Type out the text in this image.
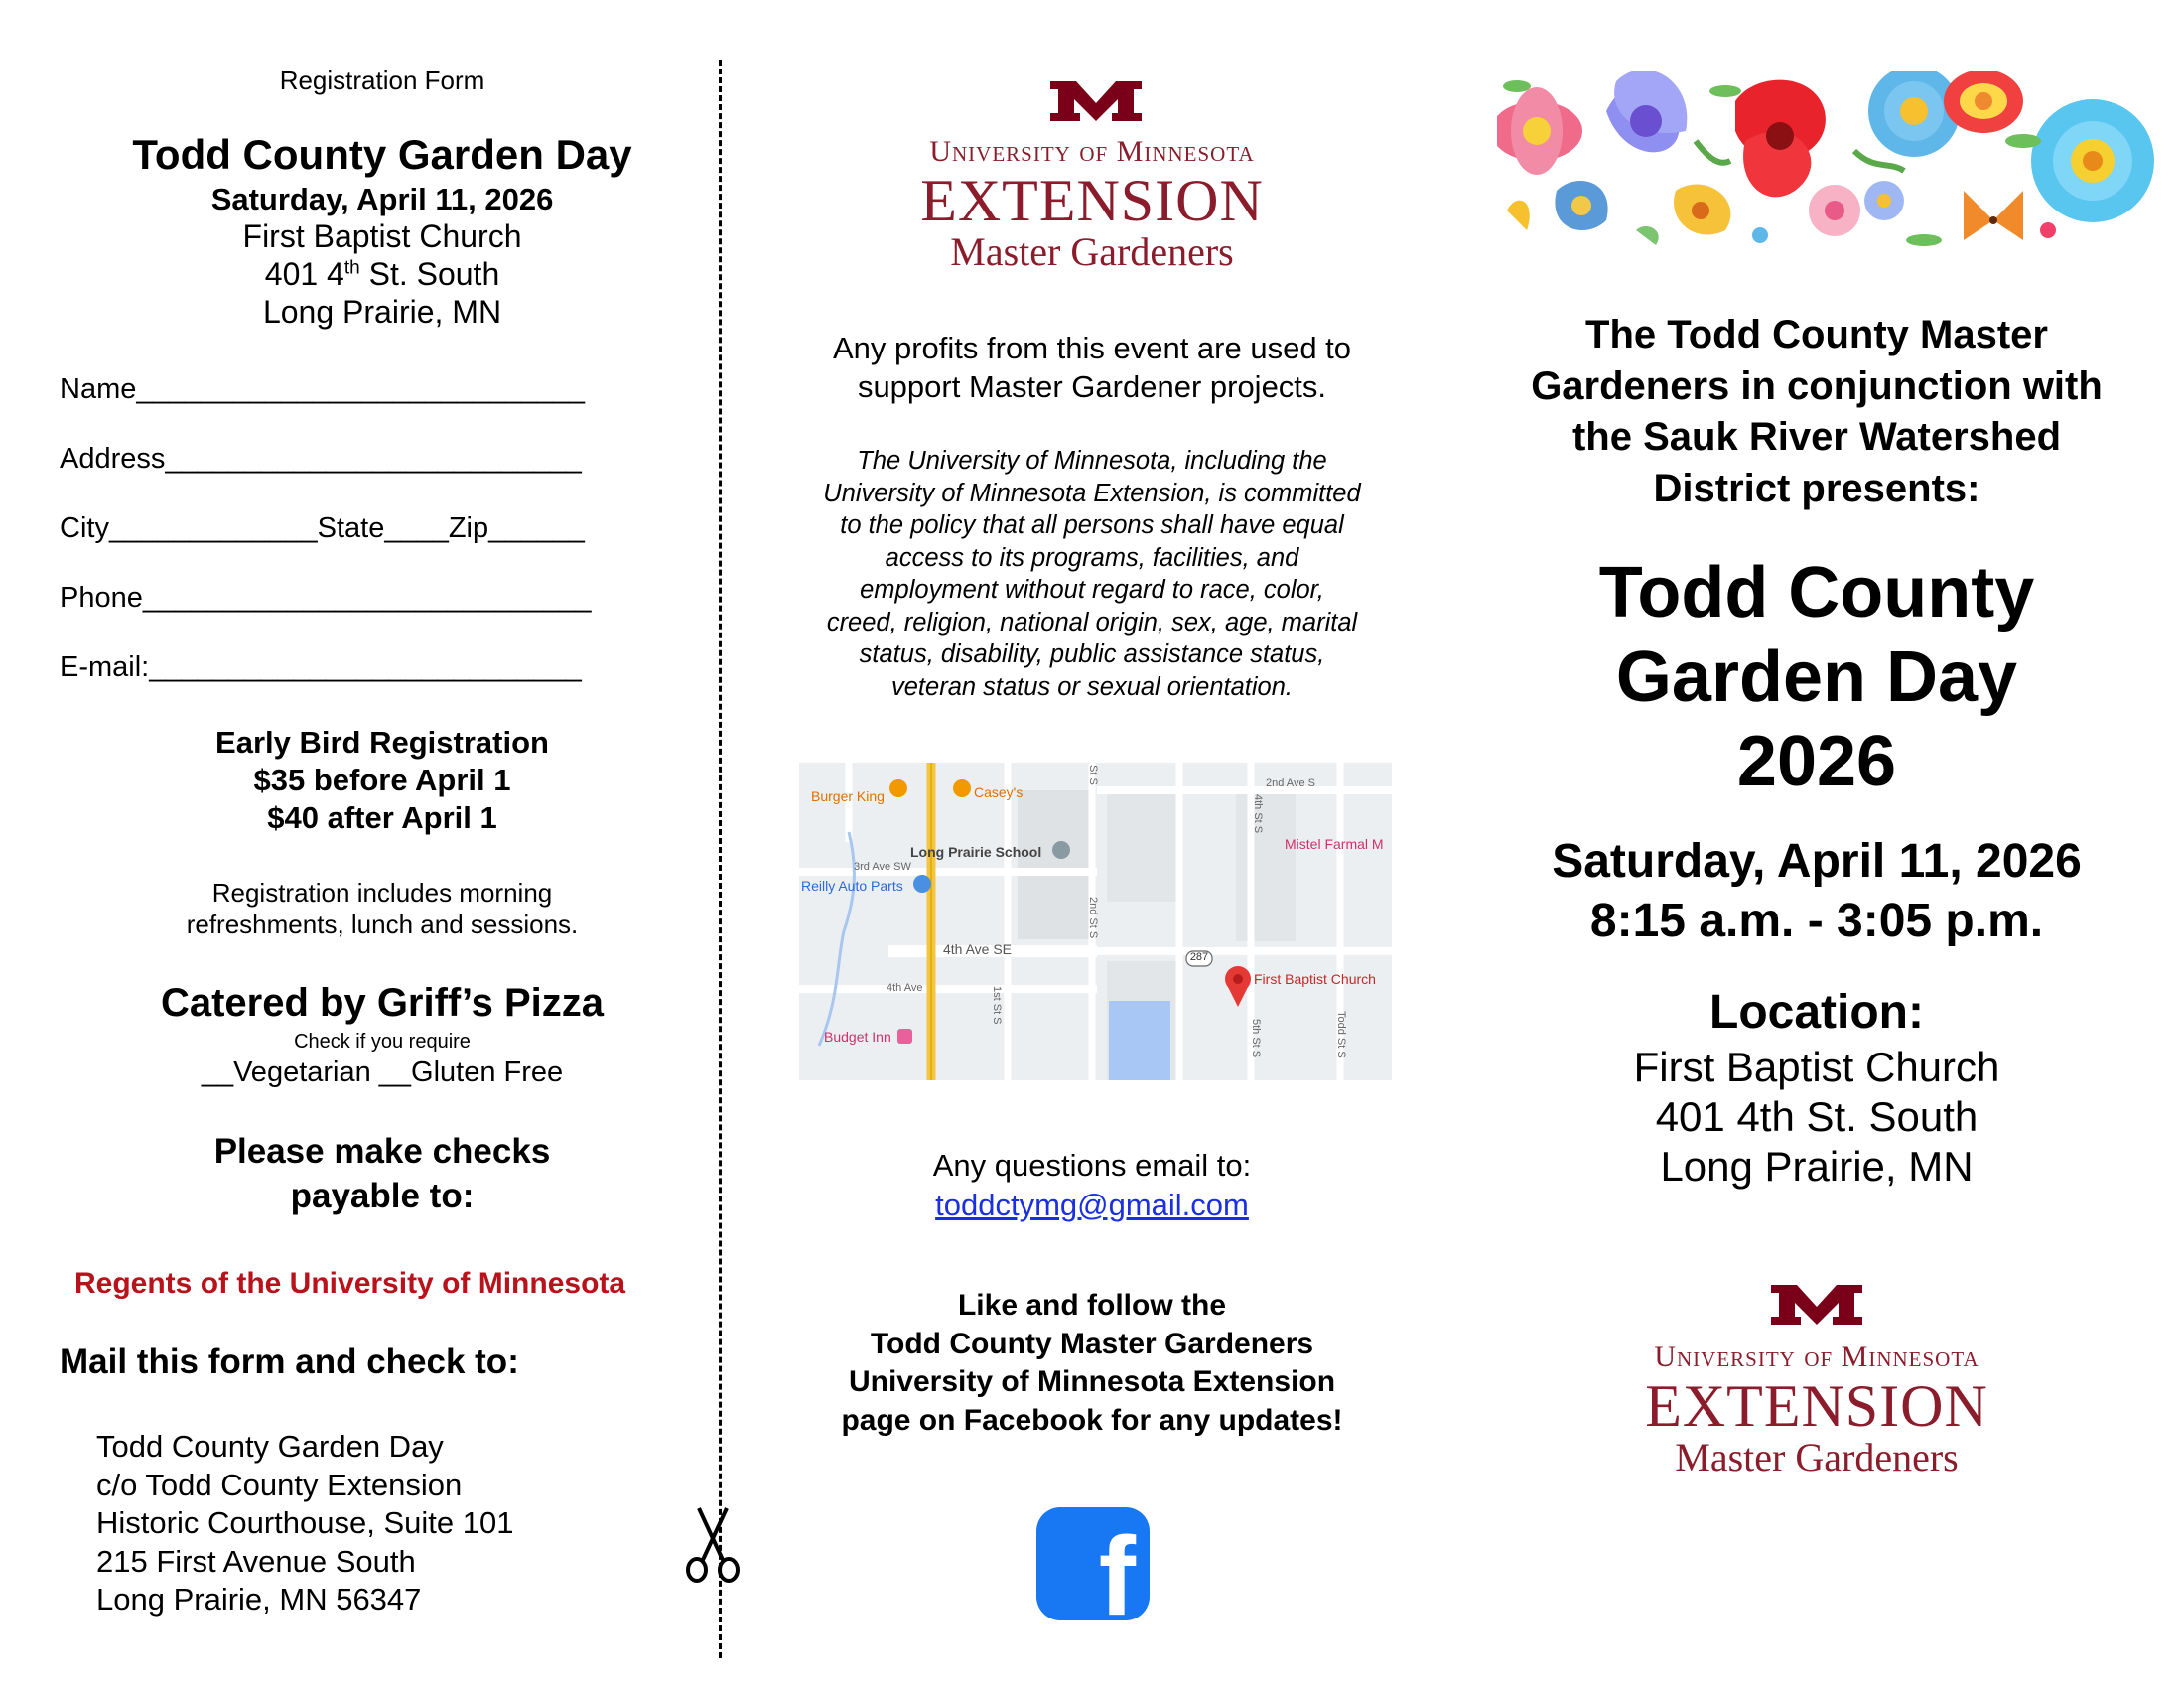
Registration Form
Todd County Garden Day
Saturday, April 11, 2026
First Baptist Church
401 4th St. South
Long Prairie, MN
Name____________________________
Address__________________________
City_____________State____Zip______
Phone____________________________
E-mail:___________________________
Early Bird Registration
$35 before April 1
$40 after April 1
Registration includes morning
refreshments, lunch and sessions.
Catered by Griff’s Pizza
Check if you require
__Vegetarian __Gluten Free
Please make checks
payable to:
Regents of the University of Minnesota
Mail this form and check to:
Todd County Garden Day
c/o Todd County Extension
Historic Courthouse, Suite 101
215 First Avenue South
Long Prairie, MN 56347
University of Minnesota
EXTENSION
Master Gardeners
Any profits from this event are used to
support Master Gardener projects.
The University of Minnesota, including the
University of Minnesota Extension, is committed
to the policy that all persons shall have equal
access to its programs, facilities, and
employment without regard to race, color,
creed, religion, national origin, sex, age, marital
status, disability, public assistance status,
veteran status or sexual orientation.
Burger King	Casey's
Long Prairie School
Reilly Auto Parts
3rd Ave SW
4th Ave SE
4th Ave
Budget Inn
First Baptist Church
Mistel Farmal M
2nd Ave S
287
1st St S
2nd St S
4th St S
5th St S
St S
Todd St S
Any questions email to:
toddctymg@gmail.com
Like and follow the
Todd County Master Gardeners
University of Minnesota Extension
page on Facebook for any updates!
f
The Todd County Master
Gardeners in conjunction with
the Sauk River Watershed
District presents:
Todd County
Garden Day
2026
Saturday, April 11, 2026
8:15 a.m. - 3:05 p.m.
Location:
First Baptist Church
401 4th St. South
Long Prairie, MN
University of Minnesota
EXTENSION
Master Gardeners
